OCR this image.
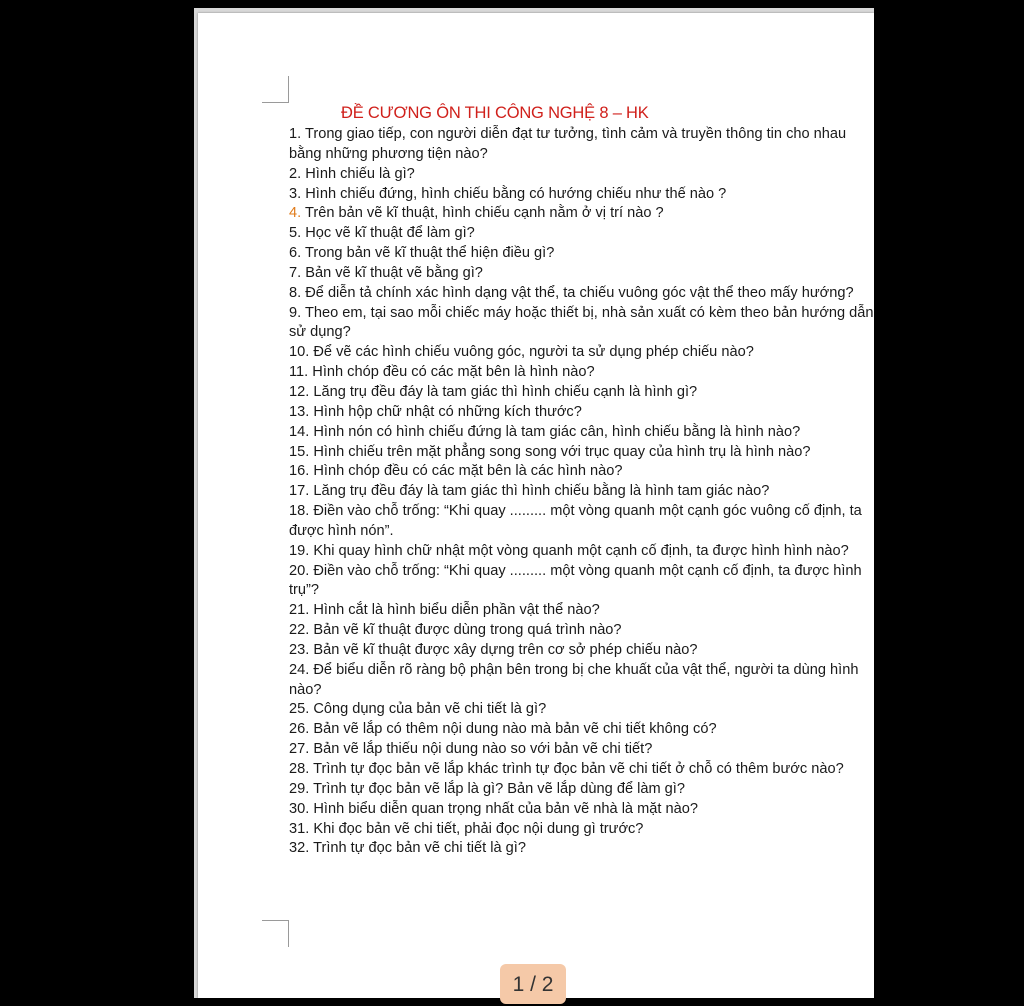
ĐỀ CƯƠNG ÔN THI CÔNG NGHỆ 8 – HK
1. Trong giao tiếp, con người diễn đạt tư tưởng, tình cảm và truyền thông tin cho nhau bằng những phương tiện nào?
2. Hình chiếu là gì?
3. Hình chiếu đứng, hình chiếu bằng có hướng chiếu như thế nào ?
4. Trên bản vẽ kĩ thuật, hình chiếu cạnh nằm ở vị trí nào ?
5. Học vẽ kĩ thuật để làm gì?
6. Trong bản vẽ kĩ thuật thể hiện điều gì?
7. Bản vẽ kĩ thuật vẽ bằng gì?
8. Để diễn tả chính xác hình dạng vật thể, ta chiếu vuông góc vật thể theo mấy hướng?
9. Theo em, tại sao mỗi chiếc máy hoặc thiết bị, nhà sản xuất có kèm theo bản hướng dẫn sử dụng?
10. Để vẽ các hình chiếu vuông góc, người ta sử dụng phép chiếu nào?
11. Hình chóp đều có các mặt bên là hình nào?
12. Lăng trụ đều đáy là tam giác thì hình chiếu cạnh là hình gì?
13. Hình hộp chữ nhật có những kích thước?
14. Hình nón có hình chiếu đứng là tam giác cân, hình chiếu bằng là hình nào?
15. Hình chiếu trên mặt phẳng song song với trục quay của hình trụ là hình nào?
16. Hình chóp đều có các mặt bên là các hình nào?
17. Lăng trụ đều đáy là tam giác thì hình chiếu bằng là hình tam giác nào?
18. Điền vào chỗ trống: “Khi quay ......... một vòng quanh một cạnh góc vuông cố định, ta được hình nón”.
19. Khi quay hình chữ nhật một vòng quanh một cạnh cố định, ta được hình hình nào?
20. Điền vào chỗ trống: “Khi quay ......... một vòng quanh một cạnh cố định, ta được hình trụ”?
21. Hình cắt là hình biểu diễn phần vật thể nào?
22. Bản vẽ kĩ thuật được dùng trong quá trình nào?
23. Bản vẽ kĩ thuật được xây dựng trên cơ sở phép chiếu nào?
24. Để biểu diễn rõ ràng bộ phận bên trong bị che khuất của vật thể, người ta dùng hình nào?
25. Công dụng của bản vẽ chi tiết là gì?
26. Bản vẽ lắp có thêm nội dung nào mà bản vẽ chi tiết không có?
27. Bản vẽ lắp thiếu nội dung nào so với bản vẽ chi tiết?
28. Trình tự đọc bản vẽ lắp khác trình tự đọc bản vẽ chi tiết ở chỗ có thêm bước nào?
29. Trình tự đọc bản vẽ lắp là gì? Bản vẽ lắp dùng để làm gì?
30. Hình biểu diễn quan trọng nhất của bản vẽ nhà là mặt nào?
31. Khi đọc bản vẽ chi tiết, phải đọc nội dung gì trước?
32. Trình tự đọc bản vẽ chi tiết là gì?
1 / 2
